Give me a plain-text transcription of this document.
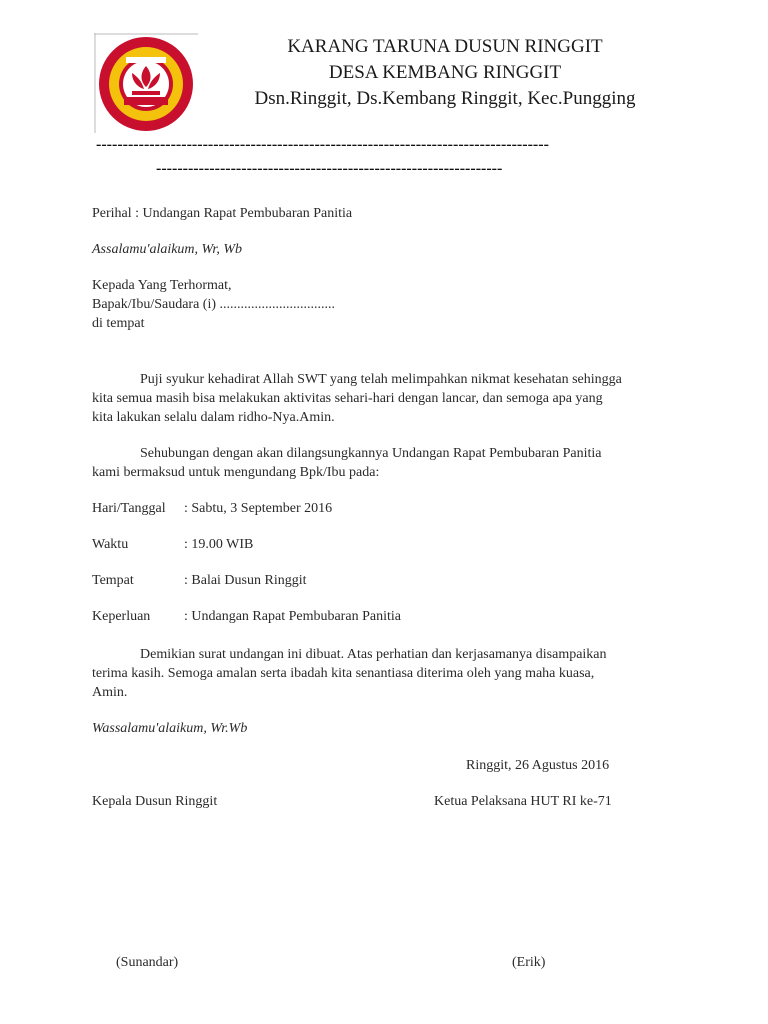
KARANG TARUNA DUSUN RINGGIT
DESA KEMBANG RINGGIT
Dsn.Ringgit, Ds.Kembang Ringgit, Kec.Pungging
-------------------------------------------------------------------------------------
-----------------------------------------------------------------
Perihal : Undangan Rapat Pembubaran Panitia
Assalamu'alaikum, Wr, Wb
Kepada Yang Terhormat,
Bapak/Ibu/Saudara (i) .................................
di tempat
Puji syukur kehadirat Allah SWT yang telah melimpahkan nikmat kesehatan sehingga
kita semua masih bisa melakukan aktivitas sehari-hari dengan lancar, dan semoga apa yang
kita lakukan selalu dalam ridho-Nya.Amin.
Sehubungan dengan akan dilangsungkannya Undangan Rapat Pembubaran Panitia
kami bermaksud untuk mengundang Bpk/Ibu pada:
Hari/Tanggal : Sabtu, 3 September 2016
Waktu	: 19.00 WIB
Tempat	: Balai Dusun Ringgit
Keperluan : Undangan Rapat Pembubaran Panitia
Demikian surat undangan ini dibuat. Atas perhatian dan kerjasamanya disampaikan
terima kasih. Semoga amalan serta ibadah kita senantiasa diterima oleh yang maha kuasa,
Amin.
Wassalamu'alaikum, Wr.Wb
Ringgit, 26 Agustus 2016
Kepala Dusun Ringgit	Ketua Pelaksana HUT RI ke-71
(Sunandar)	(Erik)
